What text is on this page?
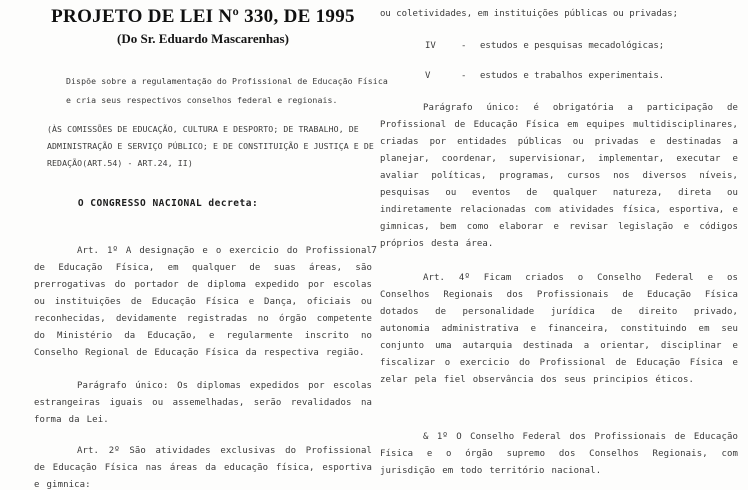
PROJETO DE LEI Nº 330, DE 1995
(Do Sr. Eduardo Mascarenhas)
Dispõe sobre a regulamentação do Profissional de Educação Física
e cria seus respectivos conselhos federal e regionais.
(ÀS COMISSÕES DE EDUCAÇÃO, CULTURA E DESPORTO; DE TRABALHO, DE
ADMINISTRAÇÃO E SERVIÇO PÚBLICO; E DE CONSTITUIÇÃO E JUSTIÇA E DE
REDAÇÃO(ART.54) - ART.24, II)
O CONGRESSO NACIONAL decreta:
Art. 1º A designação e o exercicio do Profissional de Educação Física, em qualquer de suas áreas, são prerrogativas do portador de diploma expedido por escolas ou instituições de Educação Física e Dança, oficiais ou reconhecidas, devidamente registradas no órgão competente do Ministério da Educação, e regularmente inscrito no Conselho Regional de Educação Física da respectiva região.
Parágrafo único: Os diplomas expedidos por escolas estrangeiras iguais ou assemelhadas, serão revalidados na forma da Lei.
Art. 2º São atividades exclusivas do Profissional de Educação Física nas áreas da educação física, esportiva e gimnica:
ou coletividades, em instituições públicas ou privadas;
IV	-	estudos e pesquisas mecadológicas;
V	-	estudos e trabalhos experimentais.
Parágrafo único: é obrigatória a participação de Profissional de Educação Física em equipes multidisciplinares, criadas por entidades públicas ou privadas e destinadas a planejar, coordenar, supervisionar, implementar, executar e avaliar políticas, programas, cursos nos diversos níveis, pesquisas ou eventos de qualquer natureza, direta ou indiretamente relacionadas com atividades física, esportiva, e gimnicas, bem como elaborar e revisar legislação e códigos próprios desta área.
Art. 4º Ficam criados o Conselho Federal e os Conselhos Regionais dos Profissionais de Educação Física dotados de personalidade jurídica de direito privado, autonomia administrativa e financeira, constituindo em seu conjunto uma autarquia destinada a orientar, disciplinar e fiscalizar o exercicio do Profissional de Educação Física e zelar pela fiel observância dos seus principios éticos.
& 1º O Conselho Federal dos Profissionais de Educação Física e o órgão supremo dos Conselhos Regionais, com jurisdição em todo território nacional.
7
